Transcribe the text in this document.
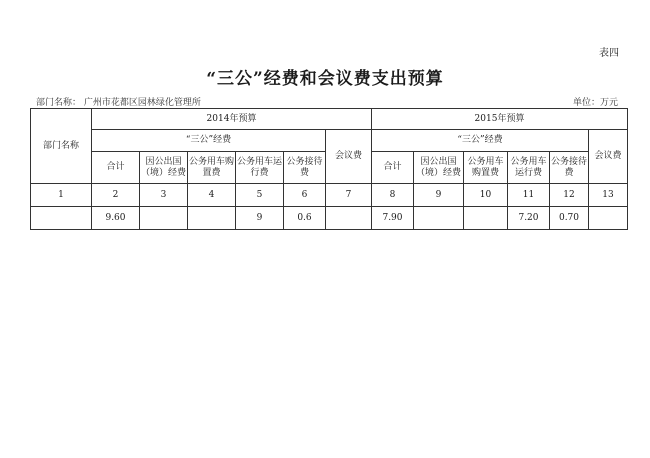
表四
“三公”经费和会议费支出预算
部门名称： 广州市花都区园林绿化管理所	单位：万元
部门名称	2014年预算						2015年预算					
	“三公”经费					会议费	“三公”经费					会议费
	合计	因公出国（境）经费	公务用车购置费	公务用车运行费	公务接待费		合计	因公出国（境）经费	公务用车购置费	公务用车运行费	公务接待费	
1	2	3	4	5	6	7	8	9	10	11	12	13
	9.60			9	0.6		7.90			7.20	0.70	
